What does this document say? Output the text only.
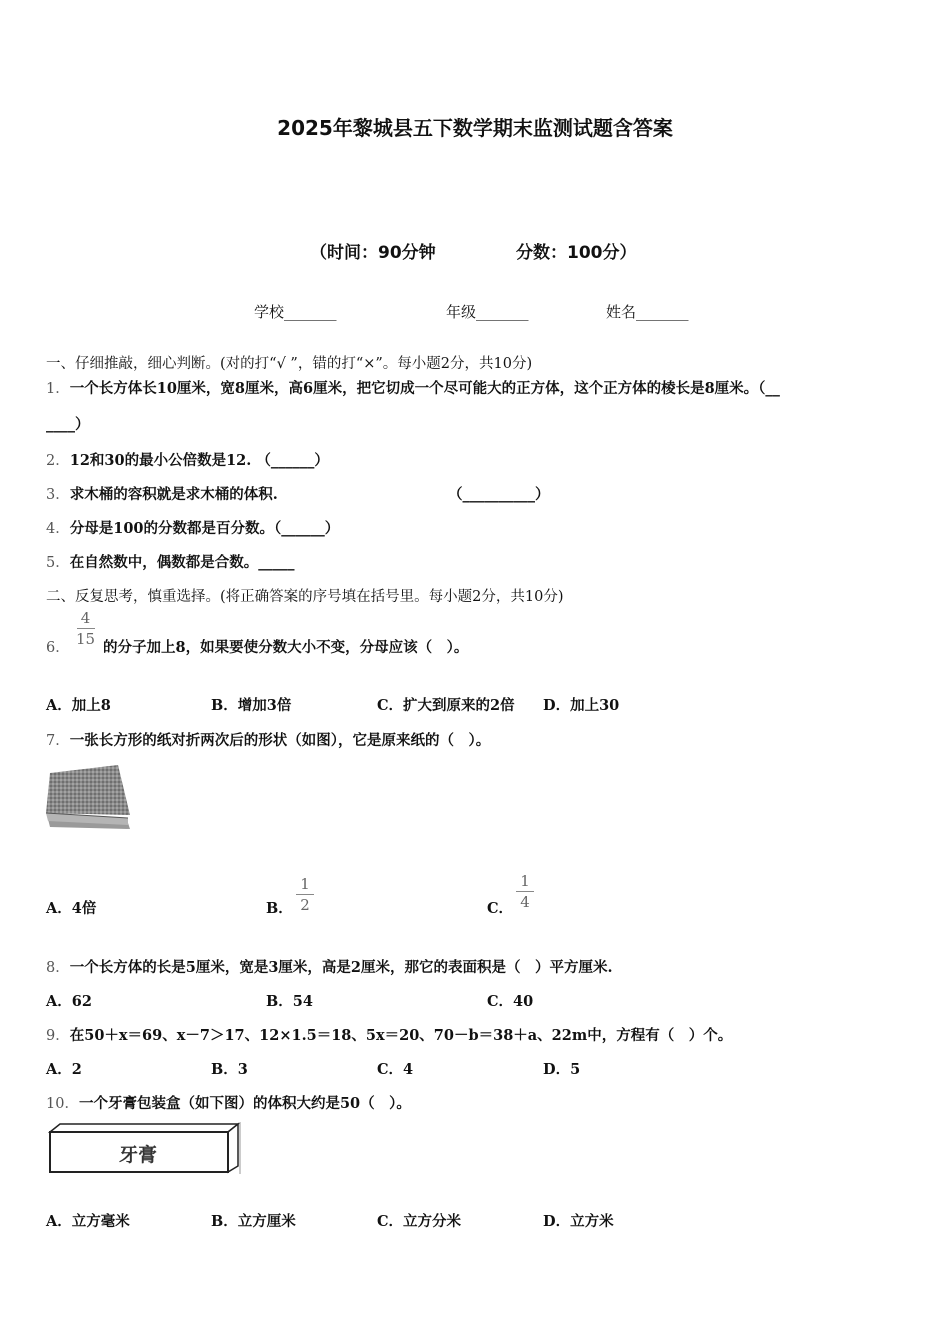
2025年黎城县五下数学期末监测试题含答案
（时间：90分钟	分数：100分）
学校_______	年级_______	姓名_______
一、仔细推敲，细心判断。(对的打“√ ”，错的打“×”。每小题2分，共10分)
1．一个长方体长10厘米，宽8厘米，高6厘米，把它切成一个尽可能大的正方体，这个正方体的棱长是8厘米。（__
____）
2．12和30的最小公倍数是12. （______）
3．求木桶的容积就是求木桶的体积.	（__________）
4．分母是100的分数都是百分数。（______）
5．在自然数中，偶数都是合数。_____
二、反复思考，慎重选择。(将正确答案的序号填在括号里。每小题2分，共10分)
6． $\frac{4}{15}$ 的分子加上8，如果要使分数大小不变，分母应该（　）。
A．加上8	B．增加3倍	C．扩大到原来的2倍 D．加上30
7．一张长方形的纸对折两次后的形状（如图），它是原来纸的（　）。
A．4倍	B． $\frac{1}{2}$	C． $\frac{1}{4}$
8．一个长方体的长是5厘米，宽是3厘米，高是2厘米，那它的表面积是（　）平方厘米.
A．62	B．54	C．40
9．在50＋x＝69、x－7＞17、12×1.5＝18、5x＝20、70－b＝38＋a、22m中，方程有（　）个。
A．2	B．3	C．4	D．5
10．一个牙膏包装盒（如下图）的体积大约是50（　）。
牙膏
A．立方毫米	B．立方厘米	C．立方分米	D．立方米
